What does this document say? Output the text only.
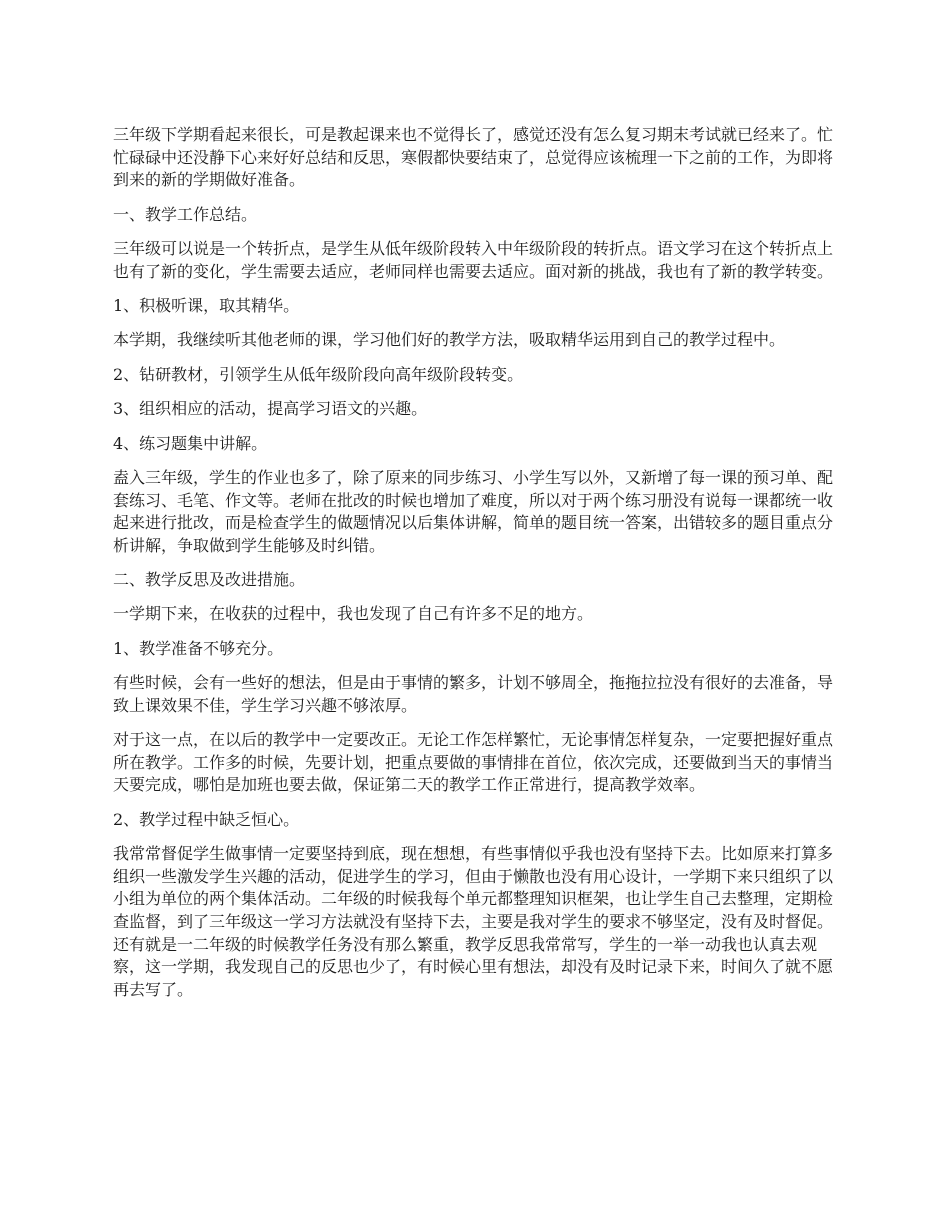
三年级下学期看起来很长，可是教起课来也不觉得长了，感觉还没有怎么复习期末考试就已经来了。忙忙碌碌中还没静下心来好好总结和反思，寒假都快要结束了，总觉得应该梳理一下之前的工作，为即将到来的新的学期做好准备。

一、教学工作总结。

三年级可以说是一个转折点，是学生从低年级阶段转入中年级阶段的转折点。语文学习在这个转折点上也有了新的变化，学生需要去适应，老师同样也需要去适应。面对新的挑战，我也有了新的教学转变。

1、积极听课，取其精华。

本学期，我继续听其他老师的课，学习他们好的教学方法，吸取精华运用到自己的教学过程中。

2、钻研教材，引领学生从低年级阶段向高年级阶段转变。

3、组织相应的活动，提高学习语文的兴趣。

4、练习题集中讲解。

盍入三年级，学生的作业也多了，除了原来的同步练习、小学生写以外，又新增了每一课的预习单、配套练习、毛笔、作文等。老师在批改的时候也增加了难度，所以对于两个练习册没有说每一课都统一收起来进行批改，而是检查学生的做题情况以后集体讲解，简单的题目统一答案，出错较多的题目重点分析讲解，争取做到学生能够及时纠错。

二、教学反思及改进措施。

一学期下来，在收获的过程中，我也发现了自己有许多不足的地方。

1、教学准备不够充分。

有些时候，会有一些好的想法，但是由于事情的繁多，计划不够周全，拖拖拉拉没有很好的去准备，导致上课效果不佳，学生学习兴趣不够浓厚。

对于这一点，在以后的教学中一定要改正。无论工作怎样繁忙，无论事情怎样复杂，一定要把握好重点所在教学。工作多的时候，先要计划，把重点要做的事情排在首位，依次完成，还要做到当天的事情当天要完成，哪怕是加班也要去做，保证第二天的教学工作正常进行，提高教学效率。

2、教学过程中缺乏恒心。

我常常督促学生做事情一定要坚持到底，现在想想，有些事情似乎我也没有坚持下去。比如原来打算多组织一些激发学生兴趣的活动，促进学生的学习，但由于懒散也没有用心设计，一学期下来只组织了以小组为单位的两个集体活动。二年级的时候我每个单元都整理知识框架，也让学生自己去整理，定期检查监督，到了三年级这一学习方法就没有坚持下去，主要是我对学生的要求不够坚定，没有及时督促。还有就是一二年级的时候教学任务没有那么繁重，教学反思我常常写，学生的一举一动我也认真去观察，这一学期，我发现自己的反思也少了，有时候心里有想法，却没有及时记录下来，时间久了就不愿再去写了。
